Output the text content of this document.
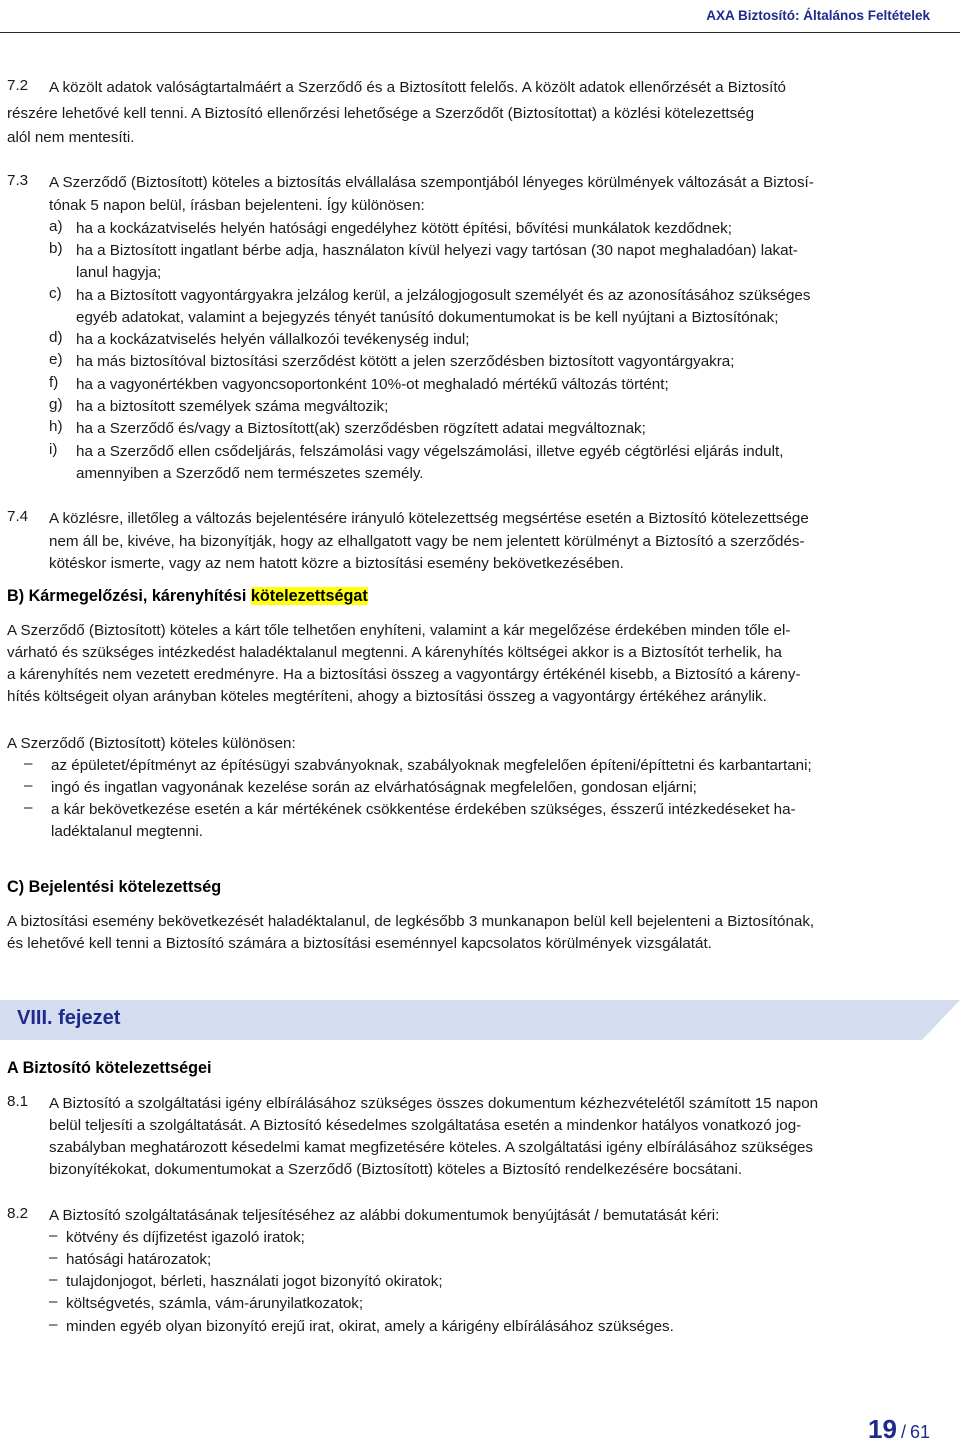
AXA Biztosító: Általános Feltételek
7.2 A közölt adatok valóságtartalmáért a Szerződő és a Biztosított felelős. A közölt adatok ellenőrzését a Biztosító
részére lehetővé kell tenni. A Biztosító ellenőrzési lehetősége a Szerződőt (Biztosítottat) a közlési kötelezettség
alól nem mentesíti.
7.3 A Szerződő (Biztosított) köteles a biztosítás elvállalása szempontjából lényeges körülmények változását a Biztosí-
tónak 5 napon belül, írásban bejelenteni. Így különösen:
a) ha a kockázatviselés helyén hatósági engedélyhez kötött építési, bővítési munkálatok kezdődnek;
b) ha a Biztosított ingatlant bérbe adja, használaton kívül helyezi vagy tartósan (30 napot meghaladóan) lakat-
lanul hagyja;
c) ha a Biztosított vagyontárgyakra jelzálog kerül, a jelzálogjogosult személyét és az azonosításához szükséges
egyéb adatokat, valamint a bejegyzés tényét tanúsító dokumentumokat is be kell nyújtani a Biztosítónak;
d) ha a kockázatviselés helyén vállalkozói tevékenység indul;
e) ha más biztosítóval biztosítási szerződést kötött a jelen szerződésben biztosított vagyontárgyakra;
f) ha a vagyonértékben vagyoncsoportonként 10%-ot meghaladó mértékű változás történt;
g) ha a biztosított személyek száma megváltozik;
h) ha a Szerződő és/vagy a Biztosított(ak) szerződésben rögzített adatai megváltoznak;
i) ha a Szerződő ellen csődeljárás, felszámolási vagy végelszámolási, illetve egyéb cégtörlési eljárás indult,
amennyiben a Szerződő nem természetes személy.
7.4 A közlésre, illetőleg a változás bejelentésére irányuló kötelezettség megsértése esetén a Biztosító kötelezettsége
nem áll be, kivéve, ha bizonyítják, hogy az elhallgatott vagy be nem jelentett körülményt a Biztosító a szerződés-
kötéskor ismerte, vagy az nem hatott közre a biztosítási esemény bekövetkezésében.
B) Kármegelőzési, kárenyhítési kötelezettségat
A Szerződő (Biztosított) köteles a kárt tőle telhetően enyhíteni, valamint a kár megelőzése érdekében minden tőle el-
várható és szükséges intézkedést haladéktalanul megtenni. A kárenyhítés költségei akkor is a Biztosítót terhelik, ha
a kárenyhítés nem vezetett eredményre. Ha a biztosítási összeg a vagyontárgy értékénél kisebb, a Biztosító a káreny-
hítés költségeit olyan arányban köteles megtéríteni, ahogy a biztosítási összeg a vagyontárgy értékéhez aránylik.
A Szerződő (Biztosított) köteles különösen:
– az épületet/építményt az építésügyi szabványoknak, szabályoknak megfelelően építeni/építtetni és karbantartani;
– ingó és ingatlan vagyonának kezelése során az elvárhatóságnak megfelelően, gondosan eljárni;
– a kár bekövetkezése esetén a kár mértékének csökkentése érdekében szükséges, ésszerű intézkedéseket ha-
ladéktalanul megtenni.
C) Bejelentési kötelezettség
A biztosítási esemény bekövetkezését haladéktalanul, de legkésőbb 3 munkanapon belül kell bejelenteni a Biztosítónak,
és lehetővé kell tenni a Biztosító számára a biztosítási eseménnyel kapcsolatos körülmények vizsgálatát.
VIII. fejezet
A Biztosító kötelezettségei
8.1 A Biztosító a szolgáltatási igény elbírálásához szükséges összes dokumentum kézhezvételétől számított 15 napon
belül teljesíti a szolgáltatását. A Biztosító késedelmes szolgáltatása esetén a mindenkor hatályos vonatkozó jog-
szabályban meghatározott késedelmi kamat megfizetésére köteles. A szolgáltatási igény elbírálásához szükséges
bizonyítékokat, dokumentumokat a Szerződő (Biztosított) köteles a Biztosító rendelkezésére bocsátani.
8.2 A Biztosító szolgáltatásának teljesítéséhez az alábbi dokumentumok benyújtását / bemutatását kéri:
– kötvény és díjfizetést igazoló iratok;
– hatósági határozatok;
– tulajdonjogot, bérleti, használati jogot bizonyító okiratok;
– költségvetés, számla, vám-árunyilatkozatok;
– minden egyéb olyan bizonyító erejű irat, okirat, amely a kárigény elbírálásához szükséges.
19 / 61
